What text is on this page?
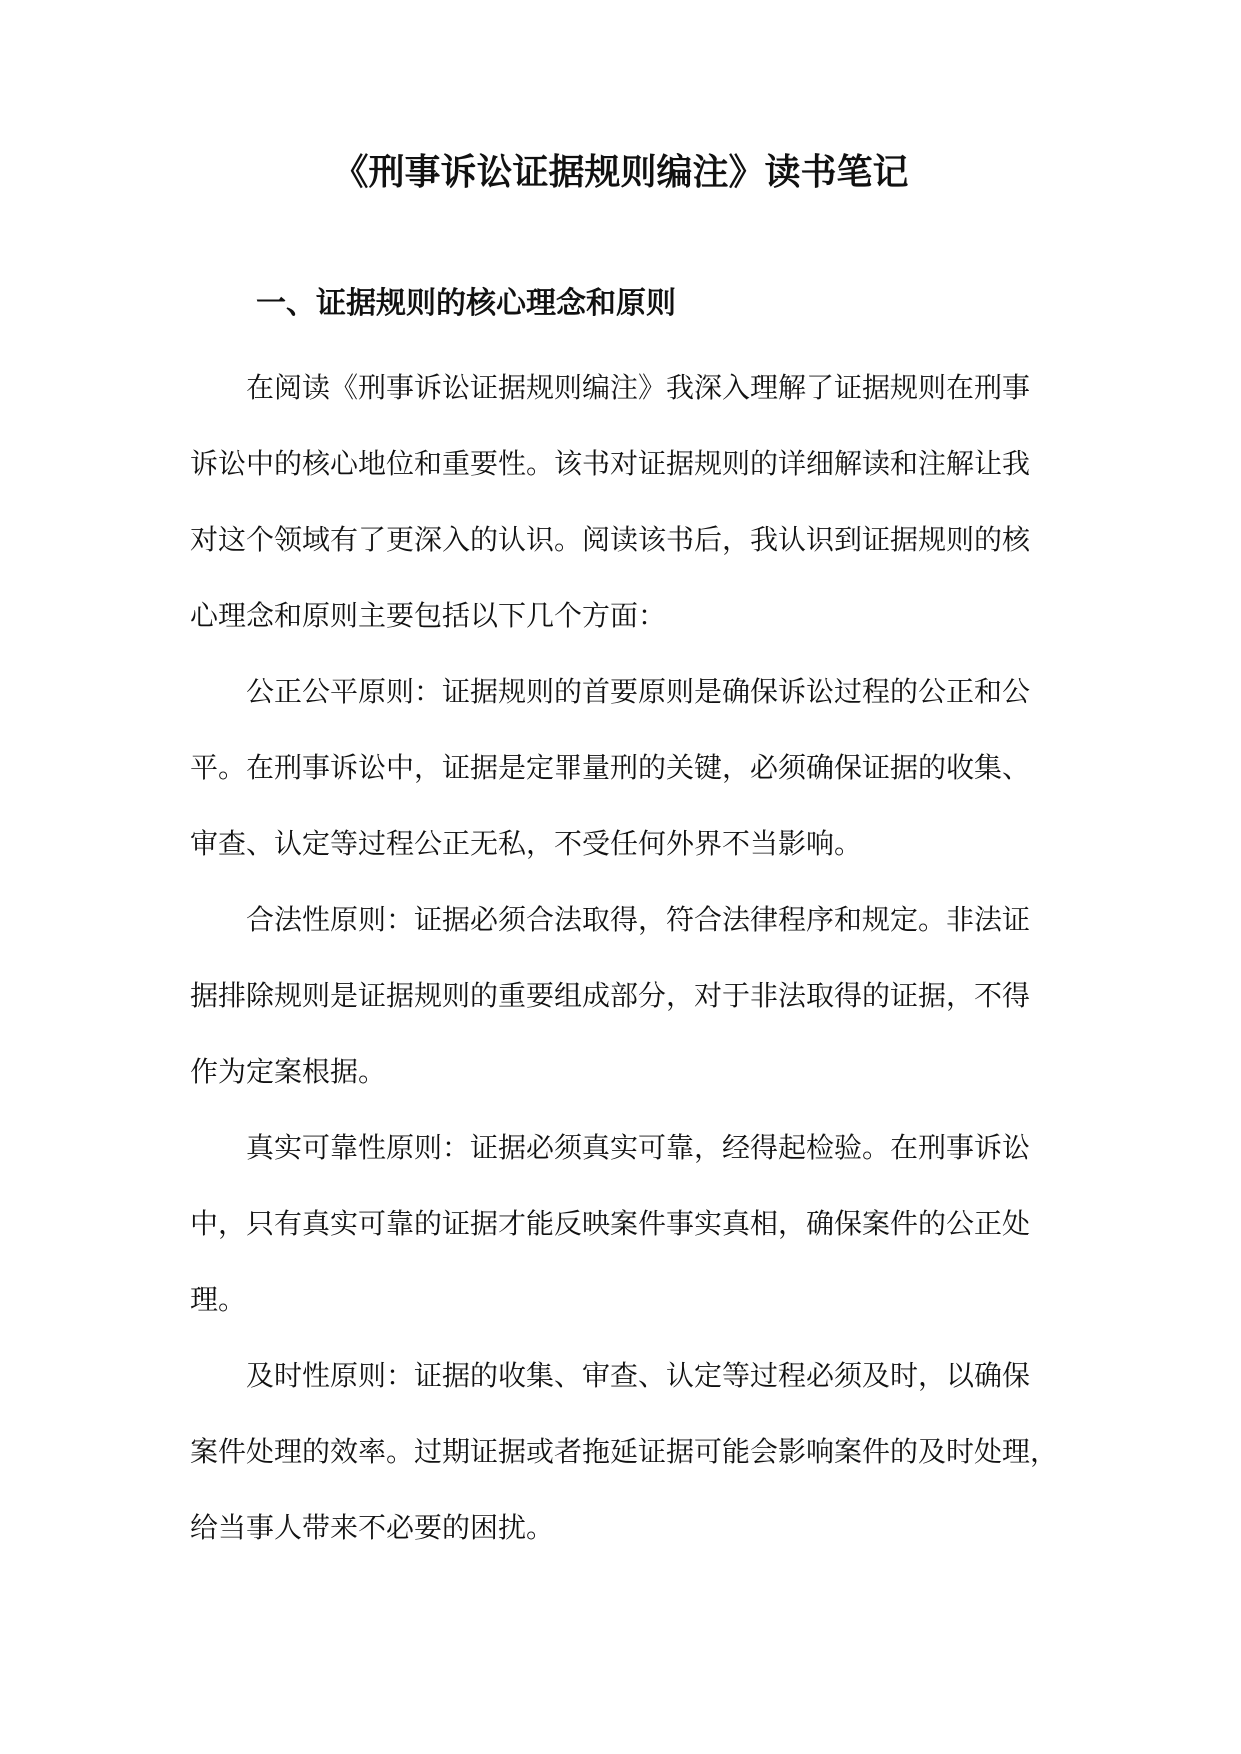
《刑事诉讼证据规则编注》读书笔记
一、证据规则的核心理念和原则
在阅读《刑事诉讼证据规则编注》我深入理解了证据规则在刑事
诉讼中的核心地位和重要性。该书对证据规则的详细解读和注解让我
对这个领域有了更深入的认识。阅读该书后，我认识到证据规则的核
心理念和原则主要包括以下几个方面：
公正公平原则：证据规则的首要原则是确保诉讼过程的公正和公
平。在刑事诉讼中，证据是定罪量刑的关键，必须确保证据的收集、
审查、认定等过程公正无私，不受任何外界不当影响。
合法性原则：证据必须合法取得，符合法律程序和规定。非法证
据排除规则是证据规则的重要组成部分，对于非法取得的证据，不得
作为定案根据。
真实可靠性原则：证据必须真实可靠，经得起检验。在刑事诉讼
中，只有真实可靠的证据才能反映案件事实真相，确保案件的公正处
理。
及时性原则：证据的收集、审查、认定等过程必须及时，以确保
案件处理的效率。过期证据或者拖延证据可能会影响案件的及时处理，
给当事人带来不必要的困扰。
